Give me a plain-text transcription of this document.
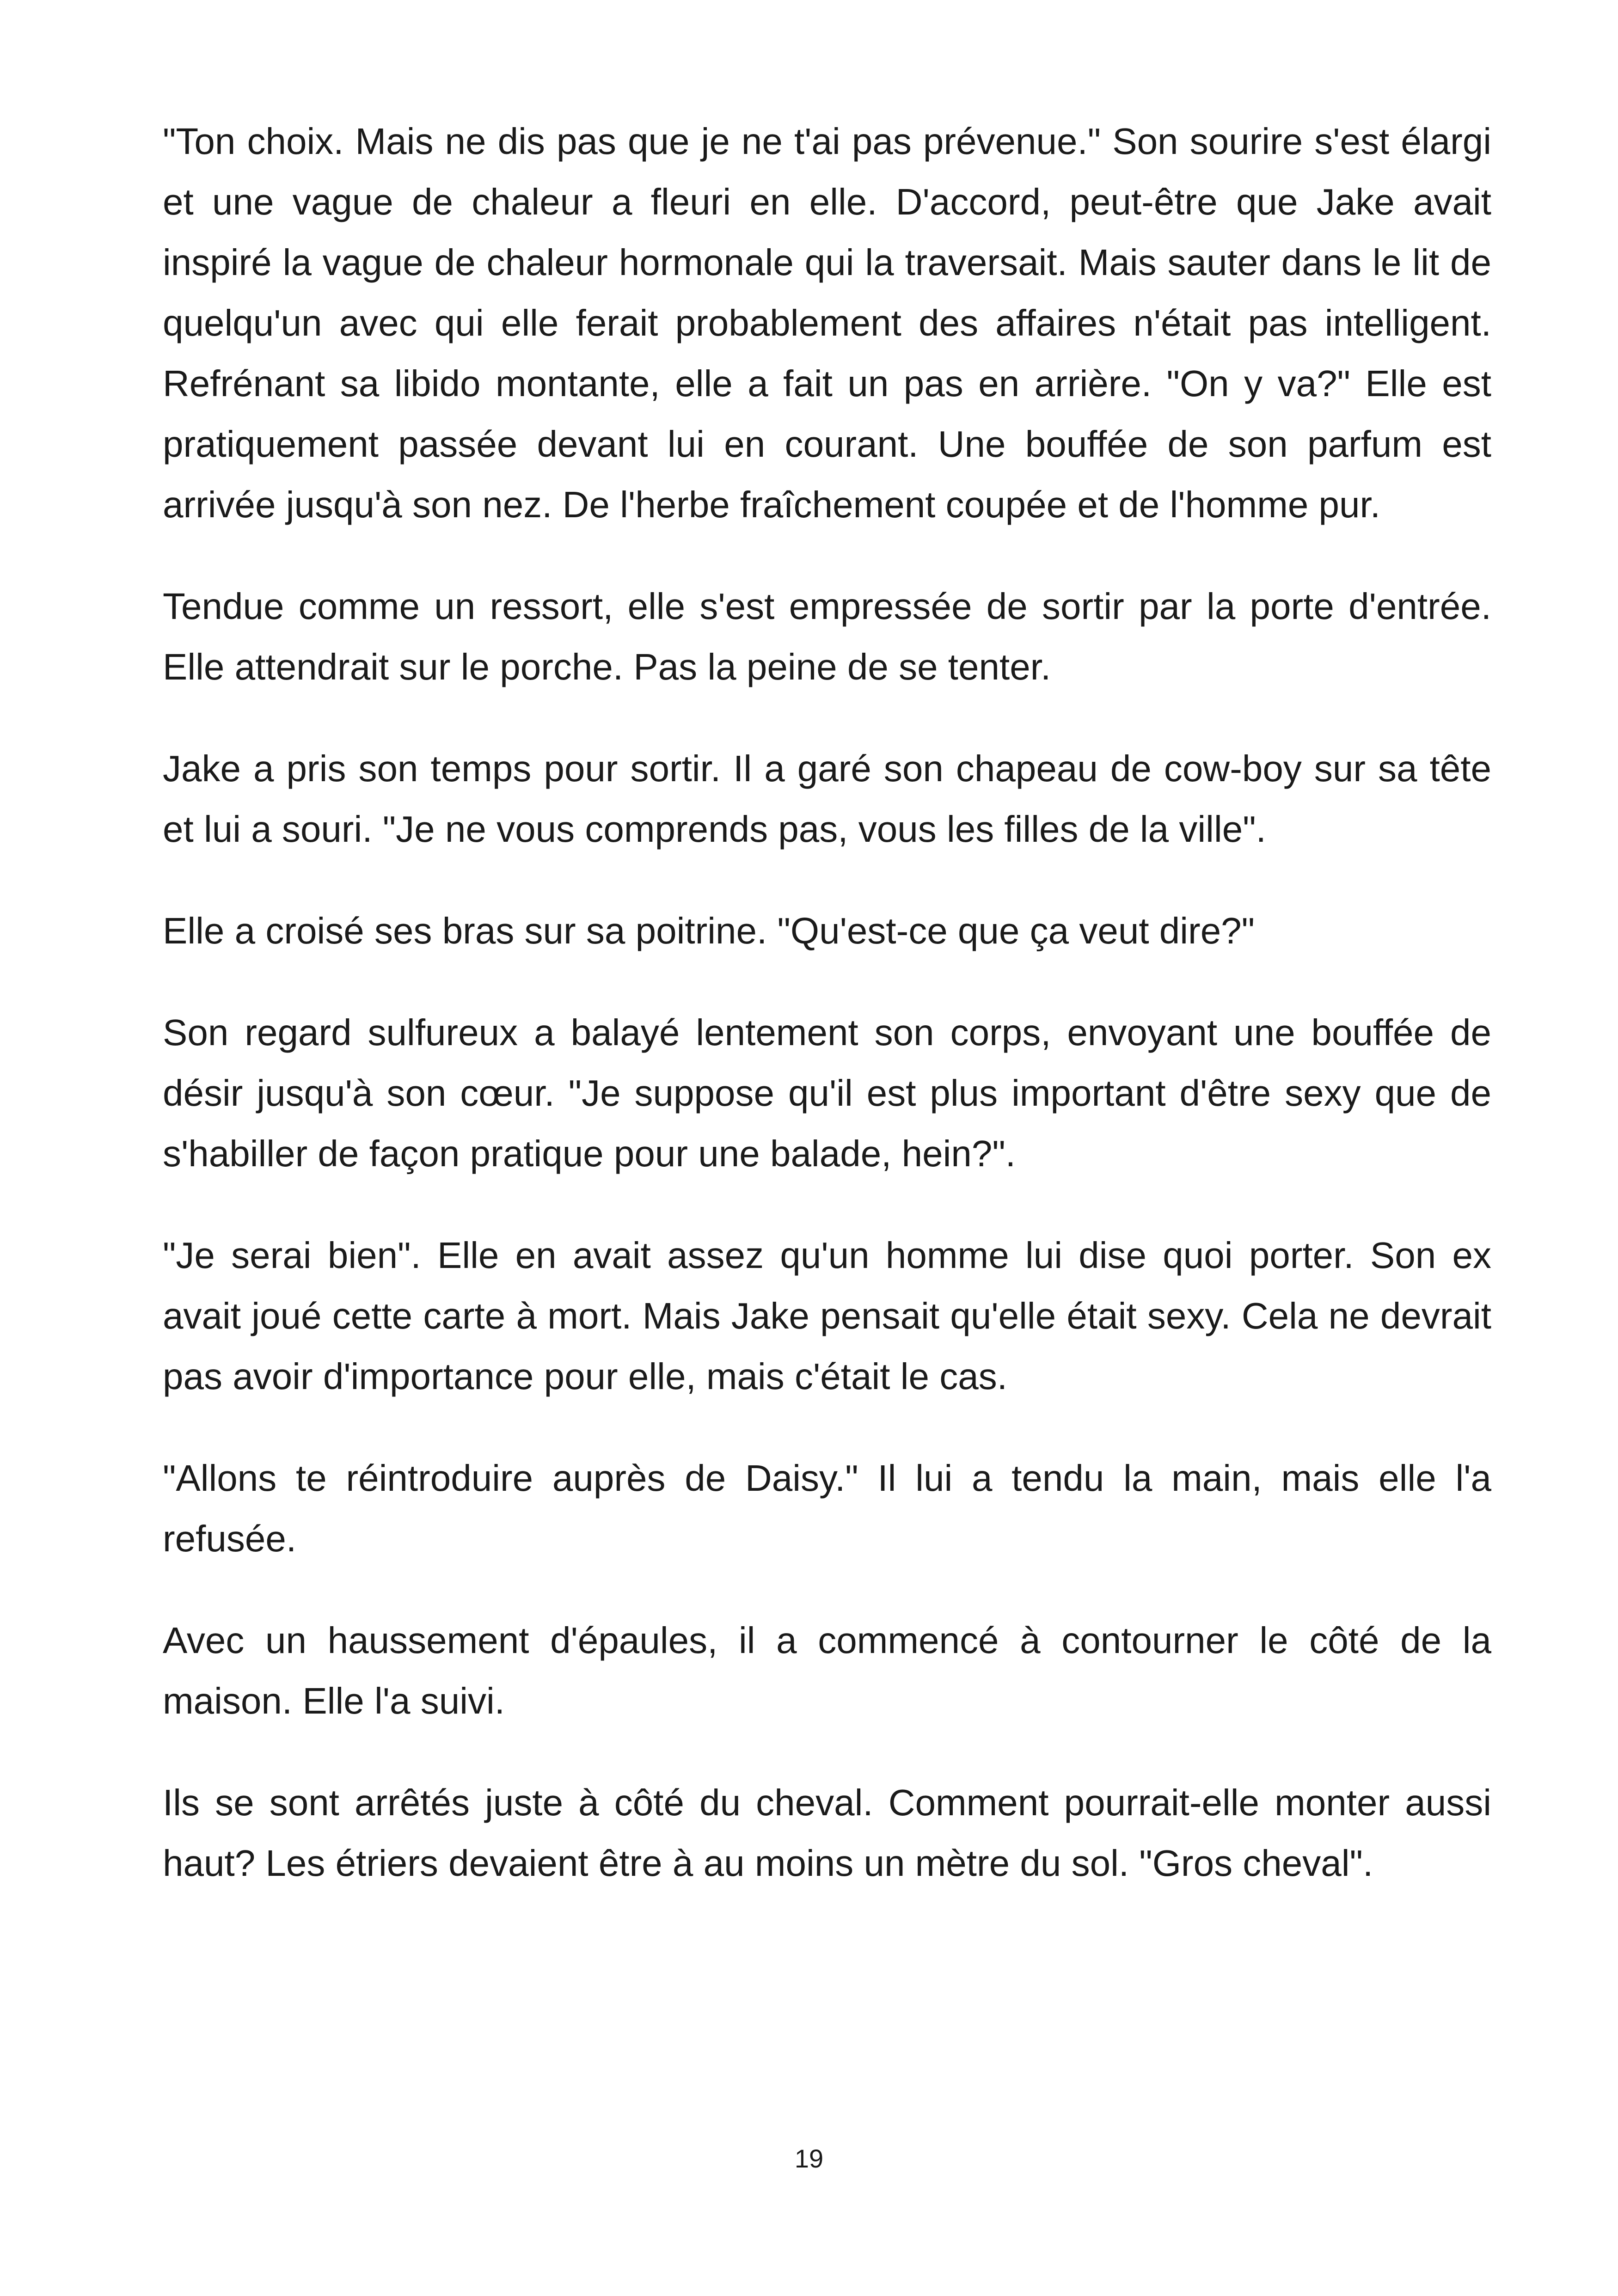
"Ton choix. Mais ne dis pas que je ne t'ai pas prévenue." Son sourire s'est élargi et une vague de chaleur a fleuri en elle. D'accord, peut-être que Jake avait inspiré la vague de chaleur hormonale qui la traversait. Mais sauter dans le lit de quelqu'un avec qui elle ferait probablement des affaires n'était pas intelligent. Refrénant sa libido montante, elle a fait un pas en arrière. "On y va?" Elle est pratiquement passée devant lui en courant. Une bouffée de son parfum est arrivée jusqu'à son nez. De l'herbe fraîchement coupée et de l'homme pur.

Tendue comme un ressort, elle s'est empressée de sortir par la porte d'entrée. Elle attendrait sur le porche. Pas la peine de se tenter.

Jake a pris son temps pour sortir. Il a garé son chapeau de cow-boy sur sa tête et lui a souri. "Je ne vous comprends pas, vous les filles de la ville".

Elle a croisé ses bras sur sa poitrine. "Qu'est-ce que ça veut dire?"

Son regard sulfureux a balayé lentement son corps, envoyant une bouffée de désir jusqu'à son cœur. "Je suppose qu'il est plus important d'être sexy que de s'habiller de façon pratique pour une balade, hein?".

"Je serai bien". Elle en avait assez qu'un homme lui dise quoi porter. Son ex avait joué cette carte à mort. Mais Jake pensait qu'elle était sexy. Cela ne devrait pas avoir d'importance pour elle, mais c'était le cas.

"Allons te réintroduire auprès de Daisy." Il lui a tendu la main, mais elle l'a refusée.

Avec un haussement d'épaules, il a commencé à contourner le côté de la maison. Elle l'a suivi.

Ils se sont arrêtés juste à côté du cheval. Comment pourrait-elle monter aussi haut? Les étriers devaient être à au moins un mètre du sol. "Gros cheval".

19
